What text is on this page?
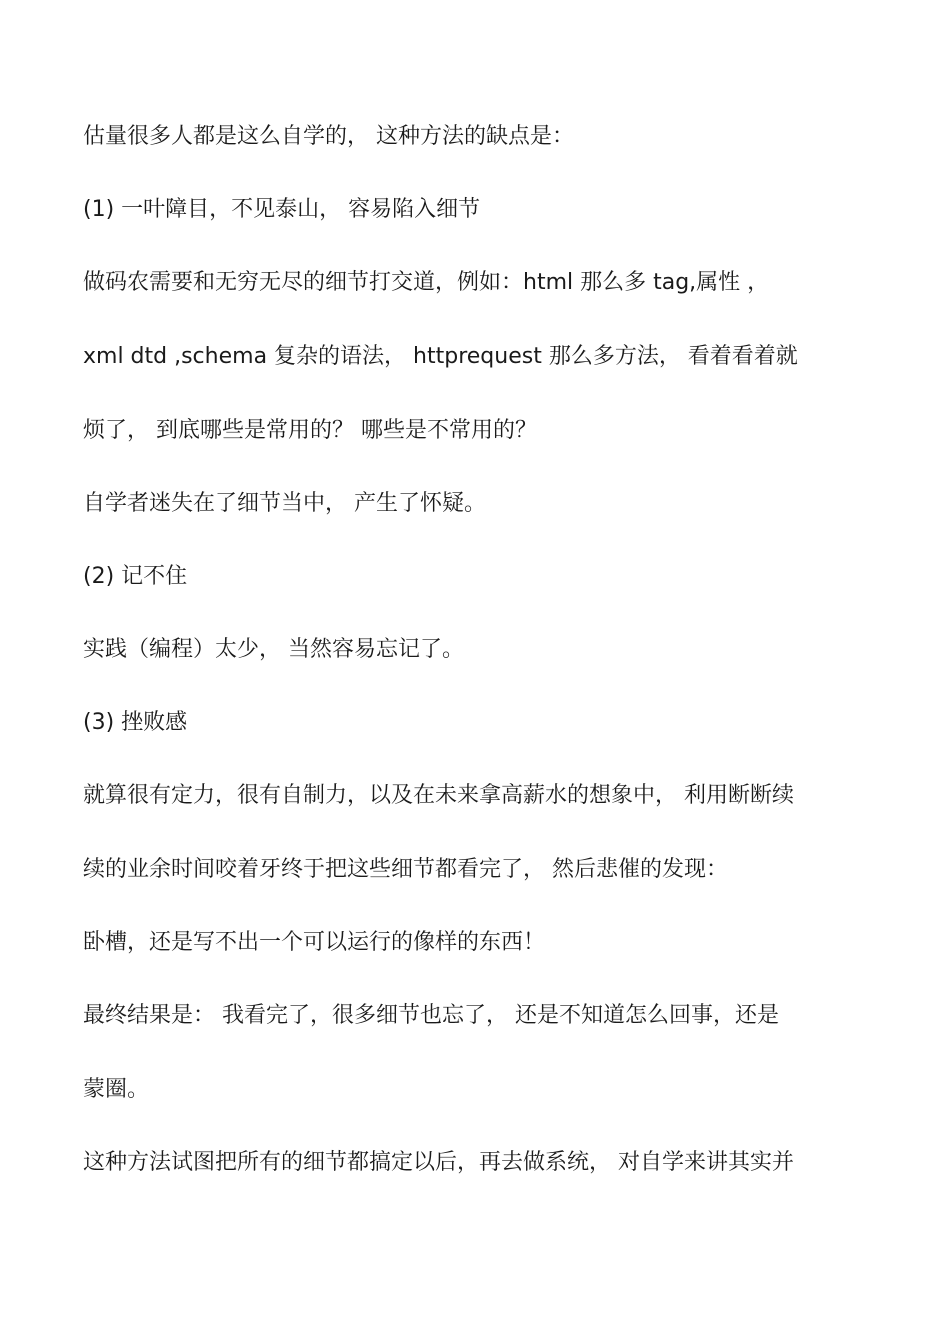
估量很多人都是这么自学的， 这种方法的缺点是：
(1) 一叶障目，不见泰山， 容易陷入细节
做码农需要和无穷无尽的细节打交道，例如：html 那么多 tag,属性 ，
xml dtd ,schema 复杂的语法， httprequest 那么多方法， 看着看着就
烦了， 到底哪些是常用的？ 哪些是不常用的？
自学者迷失在了细节当中， 产生了怀疑。
(2) 记不住
实践（编程）太少， 当然容易忘记了。
(3) 挫败感
就算很有定力，很有自制力，以及在未来拿高薪水的想象中， 利用断断续
续的业余时间咬着牙终于把这些细节都看完了， 然后悲催的发现：
卧槽，还是写不出一个可以运行的像样的东西！
最终结果是： 我看完了，很多细节也忘了， 还是不知道怎么回事，还是
蒙圈。
这种方法试图把所有的细节都搞定以后，再去做系统， 对自学来讲其实并
